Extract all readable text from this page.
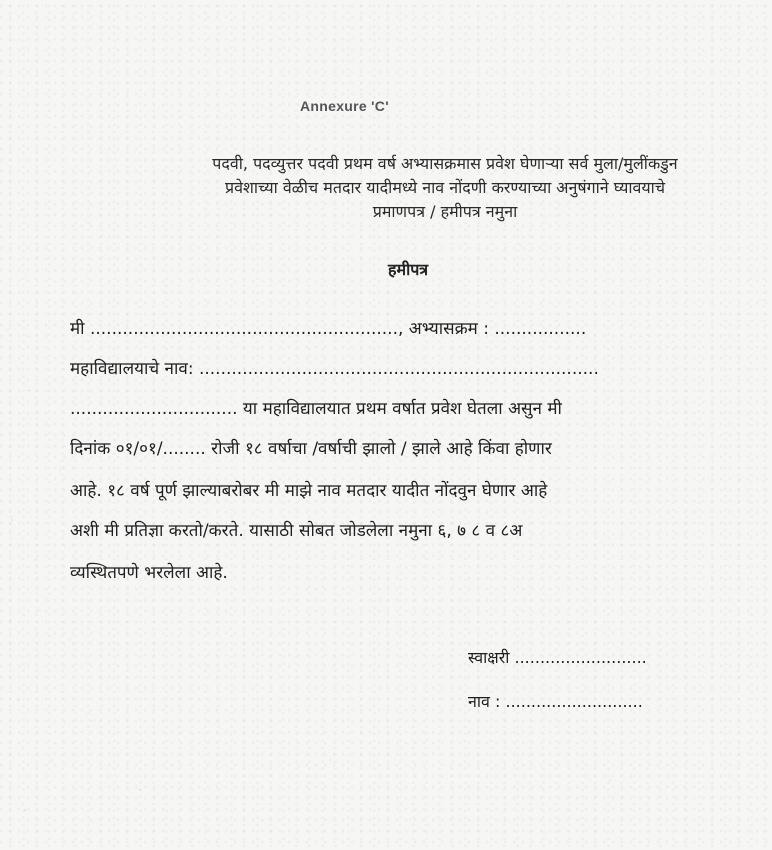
Annexure 'C'
पदवी, पदव्युत्तर पदवी प्रथम वर्ष अभ्यासक्रमास प्रवेश घेणाऱ्या सर्व मुला/मुलींकडुन
प्रवेशाच्या वेळीच मतदार यादीमध्ये नाव नोंदणी करण्याच्या अनुषंगाने घ्यावयाचे
प्रमाणपत्र / हमीपत्र नमुना
हमीपत्र
मी ........................................................., अभ्यासक्रम : .................
महाविद्यालयाचे नाव: ..........................................................................
............................... या महाविद्यालयात प्रथम वर्षात प्रवेश घेतला असुन मी
दिनांक ०१/०१/........ रोजी १८ वर्षाचा /वर्षाची झालो / झाले आहे किंवा होणार
आहे. १८ वर्ष पूर्ण झाल्याबरोबर मी माझे नाव मतदार यादीत नोंदवुन घेणार आहे
अशी मी प्रतिज्ञा करतो/करते. यासाठी सोबत जोडलेला नमुना ६, ७ ८ व ८अ
व्यस्थितपणे भरलेला आहे.
स्वाक्षरी ..........................
नाव : ...........................
